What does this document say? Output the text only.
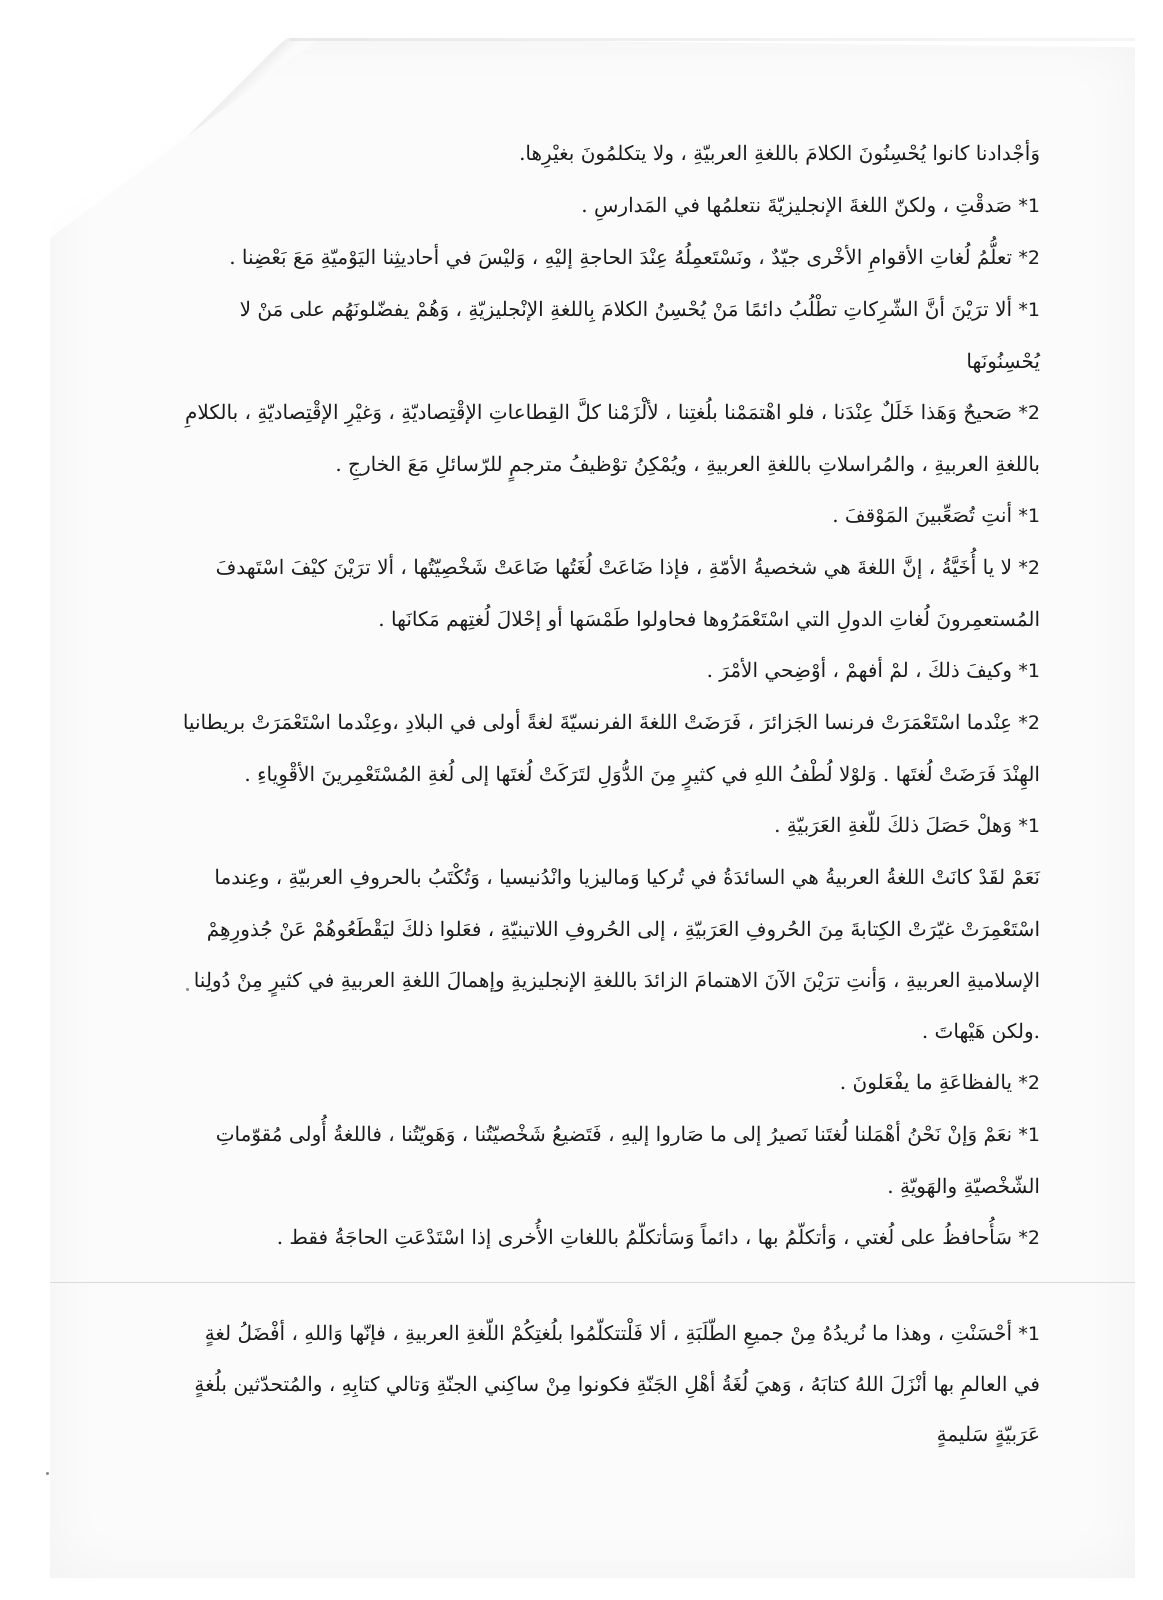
وَأجْدادنا كانوا يُحْسِنُونَ الكلامَ باللغةِ العربيّةِ ، ولا يتكلمُونَ بغيْرِها.

1* صَدقْتِ ، ولكنّ اللغةَ الإنجليزيّةَ نتعلمُها في المَدارسِ .

2* تعلُّمُ لُغاتِ الأقوامِ الأخْرى جيّدٌ ، ونَسْتَعمِلُهُ عِنْدَ الحاجةِ إليْهِ ، وَليْسَ في أحاديثِنا اليَوْميّةِ مَعَ بَعْضِنا .

1* ألا ترَيْنَ أنَّ الشّرِكاتِ تطْلُبُ دائمًا مَنْ يُحْسِنُ الكلامَ بِاللغةِ الإنْجليزيّةِ ، وَهُمْ يفضّلونَهُم على مَنْ لا يُحْسِنُونَها

2* صَحيحٌ وَهَذا خَلَلٌ عِنْدَنا ، فلو اهْتمَمْنا بلُغتِنا ، لألْزَمْنا كلَّ القِطاعاتِ الإقْتِصاديّةِ ، وَغيْرِ الإقْتِصاديّةِ ، بالكلامِ باللغةِ العربيةِ ، والمُراسلاتِ باللغةِ العربيةِ ، ويُمْكِنُ توْظيفُ مترجمٍ للرّسائلِ مَعَ الخارجِ .

1* أنتِ تُصَعِّبينَ المَوْقفَ .

2* لا يا أُخَيَّةُ ، إنَّ اللغةَ هي شخصيةُ الأمّةِ ، فإذا ضَاعَتْ لُغَتُها ضَاعَتْ شَخْصِيّتُها ، ألا ترَيْنَ كيْفَ اسْتَهدفَ المُستعمِرونَ لُغاتِ الدولِ التي اسْتَعْمَرُوها فحاولوا طَمْسَها أو إحْلالَ لُغتِهم مَكانَها .

1* وكيفَ ذلكَ ، لمْ أفهمْ ، أوْضِحي الأمْرَ .

2* عِنْدما اسْتَعْمَرَتْ فرنسا الجَزائرَ ، فَرَضَتْ اللغةَ الفرنسيّةَ لغةً أولى في البلادِ ،وعِنْدما اسْتَعْمَرَتْ بريطانيا الهِنْدَ فَرَضَتْ لُغتَها . وَلوْلا لُطْفُ اللهِ في كثيرٍ مِنَ الدُّوَلِ لتَرَكَتْ لُغتَها إلى لُغةِ المُسْتَعْمِرينَ الأقْوِياءِ .

1* وَهلْ حَصَلَ ذلكَ للّغةِ العَرَبيّةِ .

نَعَمْ لقَدْ كانَتْ اللغةُ العربيةُ هي السائدَةُ في تُركيا وَماليزيا وانْدُنيسيا ، وَتُكْتَبُ بالحروفِ العربيّةِ ، وعِندما اسْتَعْمِرَتْ غيّرَتْ الكِتابةَ مِنَ الحُروفِ العَرَبيّةِ ، إلى الحُروفِ اللاتينيّةِ ، فعَلوا ذلكَ ليَقْطَعُوهُمْ عَنْ جُذورِهِمْ الإسلاميةِ العربيةِ ، وَأنتِ ترَيْنَ الآنَ الاهتمامَ الزائدَ باللغةِ الإنجليزيةِ وإهمالَ اللغةِ العربيةِ في كثيرٍ مِنْ دُولِنا .ولكن هَيْهاتَ .

2* يالفظاعَةِ ما يفْعَلونَ .

1* نعَمْ وَإنْ نَحْنُ أهْمَلنا لُغتَنا نَصيرُ إلى ما صَاروا إليهِ ، فَتَضيعُ شَخْصيّتُنا ، وَهَويّتُنا ، فاللغةُ أُولى مُقوّماتِ الشّخْصيّةِ والهَويّةِ .

2* سَأُحافظُ على لُغتي ، وَأتكلّمُ بها ، دائماً وَسَأتكلّمُ باللغاتِ الأُخرى إذا اسْتَدْعَتِ الحاجَةُ فقط .

1* أحْسَنْتِ ، وهذا ما نُريدُهُ مِنْ جميعِ الطّلَبَةِ ، ألا فَلْتتكلّمُوا بلُغتِكُمْ اللّغةِ العربيةِ ، فإنّها وَاللهِ ، أفْضَلُ لغةٍ في العالمِ بها أنْزَلَ اللهُ كتابَهُ ، وَهيَ لُغَةُ أهْلِ الجَنّةِ فكونوا مِنْ ساكِني الجنّةِ وَتالي كتابِهِ ، والمُتحدّثين بلُغةٍ عَرَبيّةٍ سَليمةٍ
